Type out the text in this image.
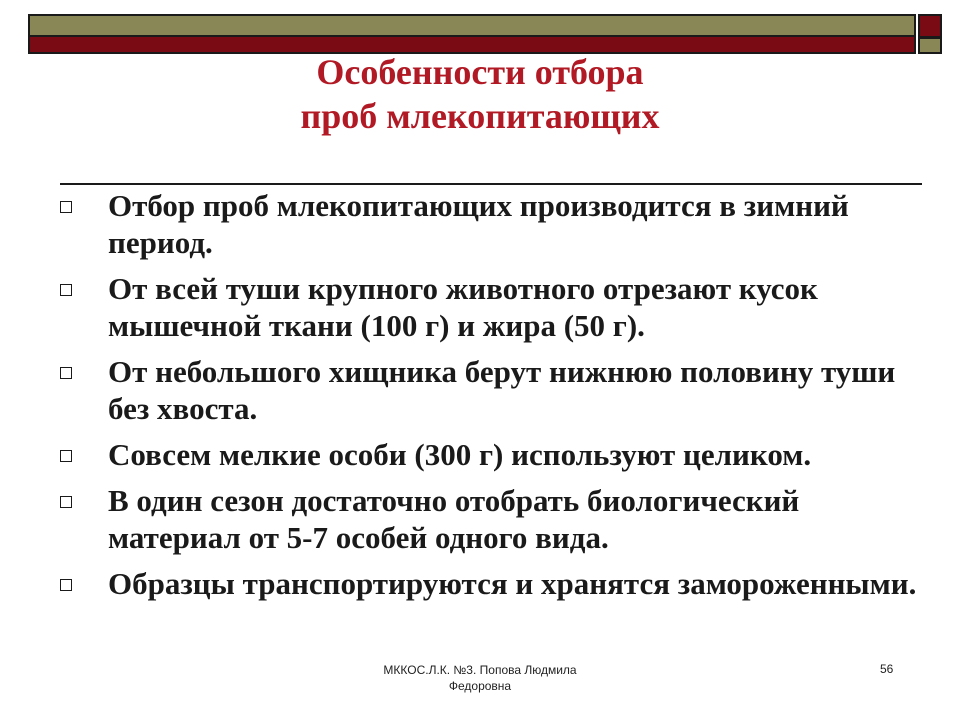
Особенности отбора

проб млекопитающих
Отбор проб млекопитающих производится в зимний период.
От всей туши крупного животного отрезают кусок мышечной ткани (100 г) и жира (50 г).
От небольшого хищника берут нижнюю половину туши без хвоста.
Совсем мелкие особи (300 г) используют целиком.
В один сезон достаточно отобрать биологический материал от 5-7 особей одного вида.
Образцы транспортируются и хранятся замороженными.
МККОС.Л.К. №3. Попова Людмила Федоровна
56
